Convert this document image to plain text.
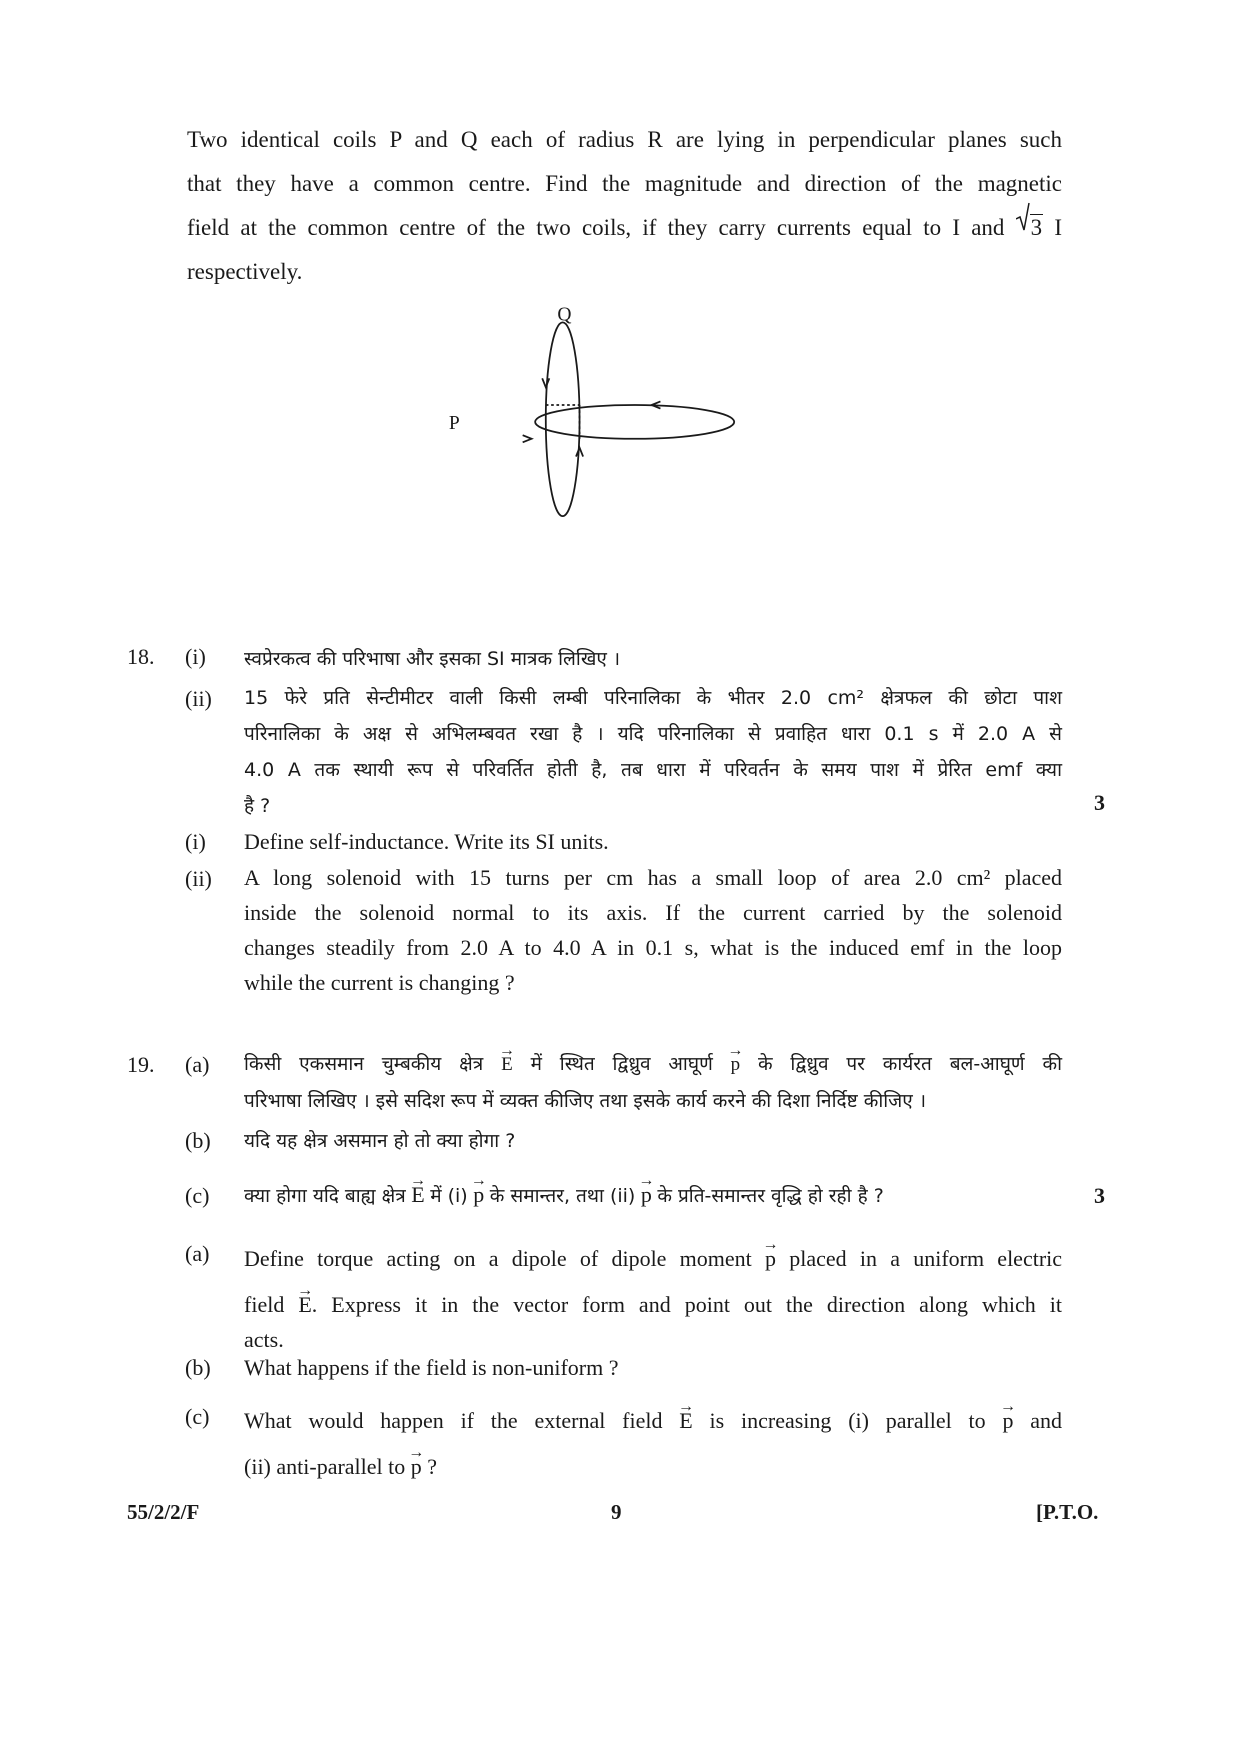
Two identical coils P and Q each of radius R are lying in perpendicular planes such
that they have a common centre. Find the magnitude and direction of the magnetic
field at the common centre of the two coils, if they carry currents equal to I and 3 I
respectively.
Q
P
18. (i) स्वप्रेरकत्व की परिभाषा और इसका SI मात्रक लिखिए ।
(ii) 15 फेरे प्रति सेन्टीमीटर वाली किसी लम्बी परिनालिका के भीतर 2.0 cm² क्षेत्रफल की छोटा पाश
परिनालिका के अक्ष से अभिलम्बवत रखा है । यदि परिनालिका से प्रवाहित धारा 0.1 s में 2.0 A से
4.0 A तक स्थायी रूप से परिवर्तित होती है, तब धारा में परिवर्तन के समय पाश में प्रेरित emf क्या
है ?	3
(i) Define self-inductance. Write its SI units.
(ii) A long solenoid with 15 turns per cm has a small loop of area 2.0 cm² placed
inside the solenoid normal to its axis. If the current carried by the solenoid
changes steadily from 2.0 A to 4.0 A in 0.1 s, what is the induced emf in the loop
while the current is changing ?
19. (a) किसी एकसमान चुम्बकीय क्षेत्र → E में स्थित द्विध्रुव आघूर्ण → p के द्विध्रुव पर कार्यरत बल-आघूर्ण की
परिभाषा लिखिए । इसे सदिश रूप में व्यक्त कीजिए तथा इसके कार्य करने की दिशा निर्दिष्ट कीजिए ।
(b) यदि यह क्षेत्र असमान हो तो क्या होगा ?
(c) क्या होगा यदि बाह्य क्षेत्र → E में (i) → p के समान्तर, तथा (ii) → p के प्रति-समान्तर वृद्धि हो रही है ?	3
(a) Define torque acting on a dipole of dipole moment → p placed in a uniform electric
field → E. Express it in the vector form and point out the direction along which it
acts.
(b) What happens if the field is non-uniform ?
(c) What would happen if the external field → E is increasing (i) parallel to → p and
(ii) anti-parallel to → p ?
55/2/2/F	9	[P.T.O.
